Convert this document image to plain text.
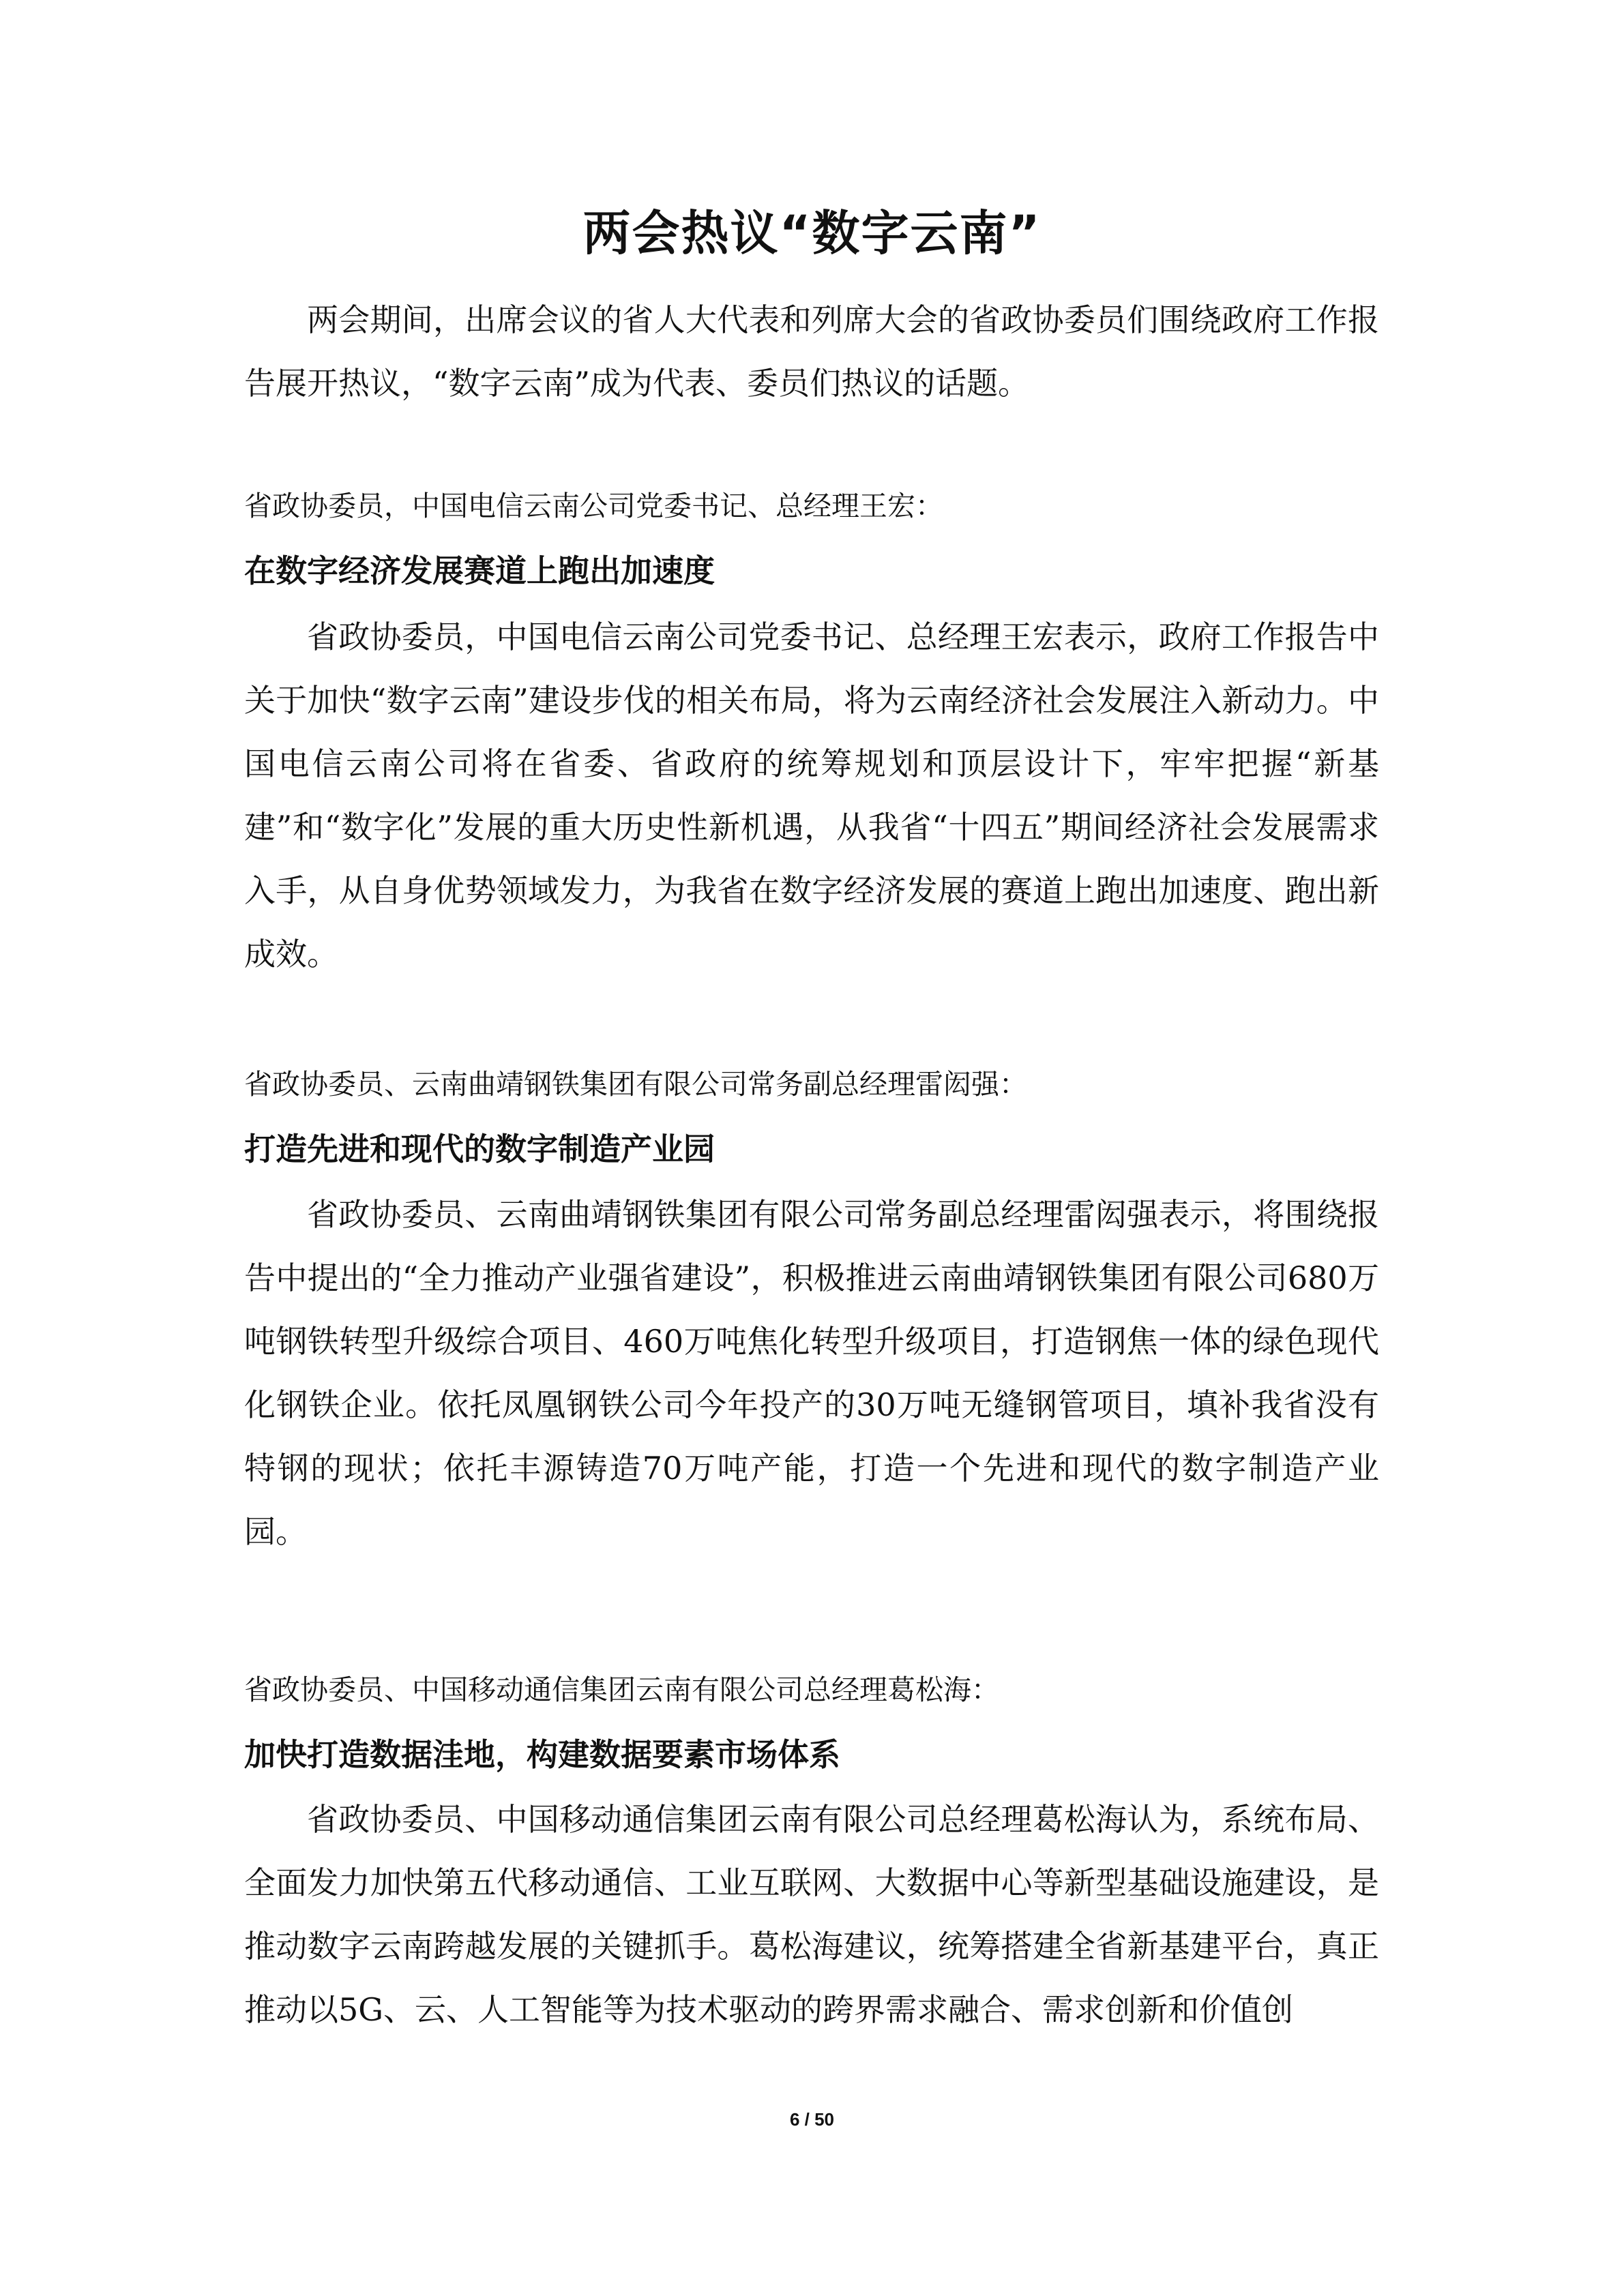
两会热议“数字云南”

两会期间，出席会议的省人大代表和列席大会的省政协委员们围绕政府工作报告展开热议，“数字云南”成为代表、委员们热议的话题。

省政协委员，中国电信云南公司党委书记、总经理王宏：

在数字经济发展赛道上跑出加速度

省政协委员，中国电信云南公司党委书记、总经理王宏表示，政府工作报告中关于加快“数字云南”建设步伐的相关布局，将为云南经济社会发展注入新动力。中国电信云南公司将在省委、省政府的统筹规划和顶层设计下，牢牢把握“新基建”和“数字化”发展的重大历史性新机遇，从我省“十四五”期间经济社会发展需求入手，从自身优势领域发力，为我省在数字经济发展的赛道上跑出加速度、跑出新成效。

省政协委员、云南曲靖钢铁集团有限公司常务副总经理雷闳强：

打造先进和现代的数字制造产业园

省政协委员、云南曲靖钢铁集团有限公司常务副总经理雷闳强表示，将围绕报告中提出的“全力推动产业强省建设”，积极推进云南曲靖钢铁集团有限公司680万吨钢铁转型升级综合项目、460万吨焦化转型升级项目，打造钢焦一体的绿色现代化钢铁企业。依托凤凰钢铁公司今年投产的30万吨无缝钢管项目，填补我省没有特钢的现状；依托丰源铸造70万吨产能，打造一个先进和现代的数字制造产业园。

省政协委员、中国移动通信集团云南有限公司总经理葛松海：

加快打造数据洼地，构建数据要素市场体系

省政协委员、中国移动通信集团云南有限公司总经理葛松海认为，系统布局、全面发力加快第五代移动通信、工业互联网、大数据中心等新型基础设施建设，是推动数字云南跨越发展的关键抓手。葛松海建议，统筹搭建全省新基建平台，真正推动以5G、云、人工智能等为技术驱动的跨界需求融合、需求创新和价值创

6 / 50
